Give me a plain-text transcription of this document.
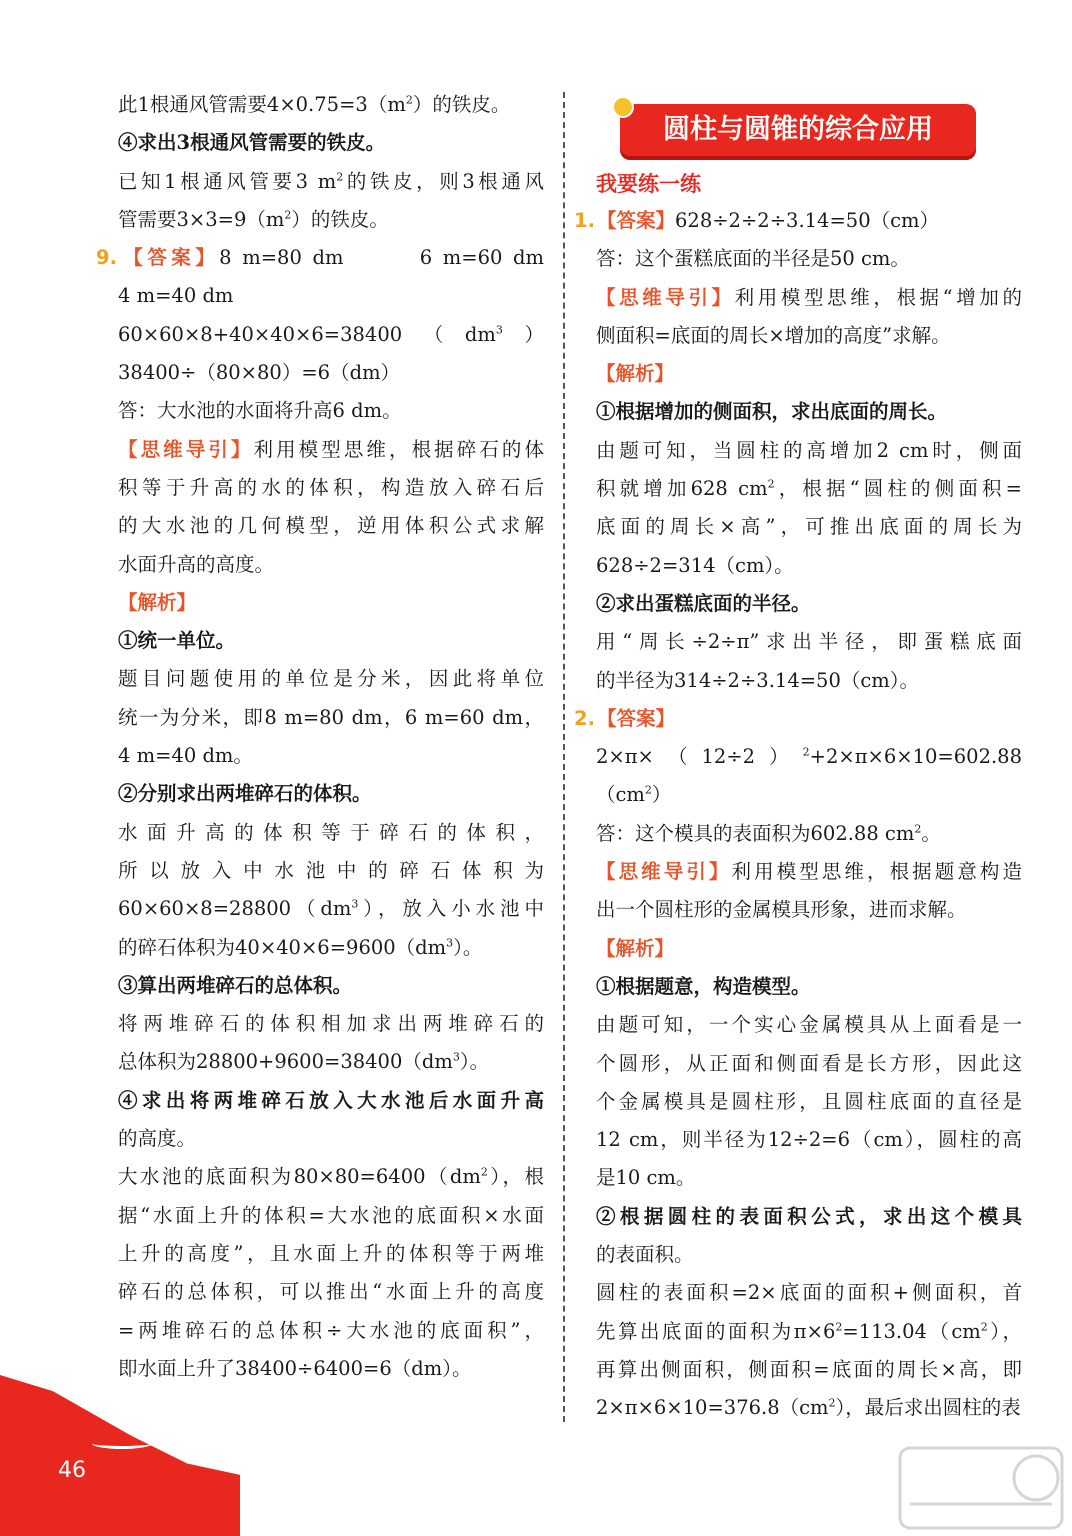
此1根通风管需要$4\times 0.75=3(m^2)$的铁皮。
④求出3根通风管需要的铁皮。
已知1根通风管要3 $m^2$的铁皮，则3根通风
管需要$3\times 3=9(m^2)$的铁皮。
9. 【答案】8 m=80 dm　　　6 m=60 dm
4 m=40 dm
$60\times 60\times 8+40\times 40\times 6=38400(dm^3)$
38400÷（80×80）=6（dm）
答：大水池的水面将升高6 dm。
【思维导引】利用模型思维，根据碎石的体
积等于升高的水的体积，构造放入碎石后
的大水池的几何模型，逆用体积公式求解
水面升高的高度。
【解析】
①统一单位。
题目问题使用的单位是分米，因此将单位
统一为分米，即8 m=80 dm，6 m=60 dm，
4 m=40 dm。
②分别求出两堆碎石的体积。
水面升高的体积等于碎石的体积，
所以放入中水池中的碎石体积为
$60\times 60\times 8=28800(dm^3)$，放入小水池中
的碎石体积为$40\times 40\times 6=9600(dm^3)$。
③算出两堆碎石的总体积。
将两堆碎石的体积相加求出两堆碎石的
总体积为$28800+9600=38400(dm^3)$。
④求出将两堆碎石放入大水池后水面升高
的高度。
大水池的底面积为$80\times 80=6400(dm^2)$，根
据“水面上升的体积=大水池的底面积×水面
上升的高度”，且水面上升的体积等于两堆
碎石的总体积，可以推出“水面上升的高度
=两堆碎石的总体积÷大水池的底面积”，
即水面上升了38400÷6400=6（dm）。
圆柱与圆锥的综合应用
我要练一练
1. 【答案】628÷2÷2÷3.14=50（cm）
答：这个蛋糕底面的半径是50 cm。
【思维导引】利用模型思维，根据“增加的
侧面积=底面的周长×增加的高度”求解。
【解析】
①根据增加的侧面积，求出底面的周长。
由题可知，当圆柱的高增加2 cm时，侧面
积就增加628 $cm^2$，根据“圆柱的侧面积=
底面的周长×高”，可推出底面的周长为
628÷2=314（cm）。
②求出蛋糕底面的半径。
用“周长÷2÷π”求出半径，即蛋糕底面
的半径为314÷2÷3.14=50（cm）。
2. 【答案】
$2\times\pi\times(12\div 2)^2+2\times\pi\times 6\times 10=602.88$
$(cm^2)$
答：这个模具的表面积为602.88 $cm^2$。
【思维导引】利用模型思维，根据题意构造
出一个圆柱形的金属模具形象，进而求解。
【解析】
①根据题意，构造模型。
由题可知，一个实心金属模具从上面看是一
个圆形，从正面和侧面看是长方形，因此这
个金属模具是圆柱形，且圆柱底面的直径是
12 cm，则半径为12÷2=6（cm），圆柱的高
是10 cm。
②根据圆柱的表面积公式，求出这个模具
的表面积。
圆柱的表面积=2×底面的面积+侧面积，首
先算出底面的面积为$\pi\times 6^2=113.04(cm^2)$，
再算出侧面积，侧面积=底面的周长×高，即
$2\times\pi\times 6\times 10=376.8(cm^2)$，最后求出圆柱的表
46
